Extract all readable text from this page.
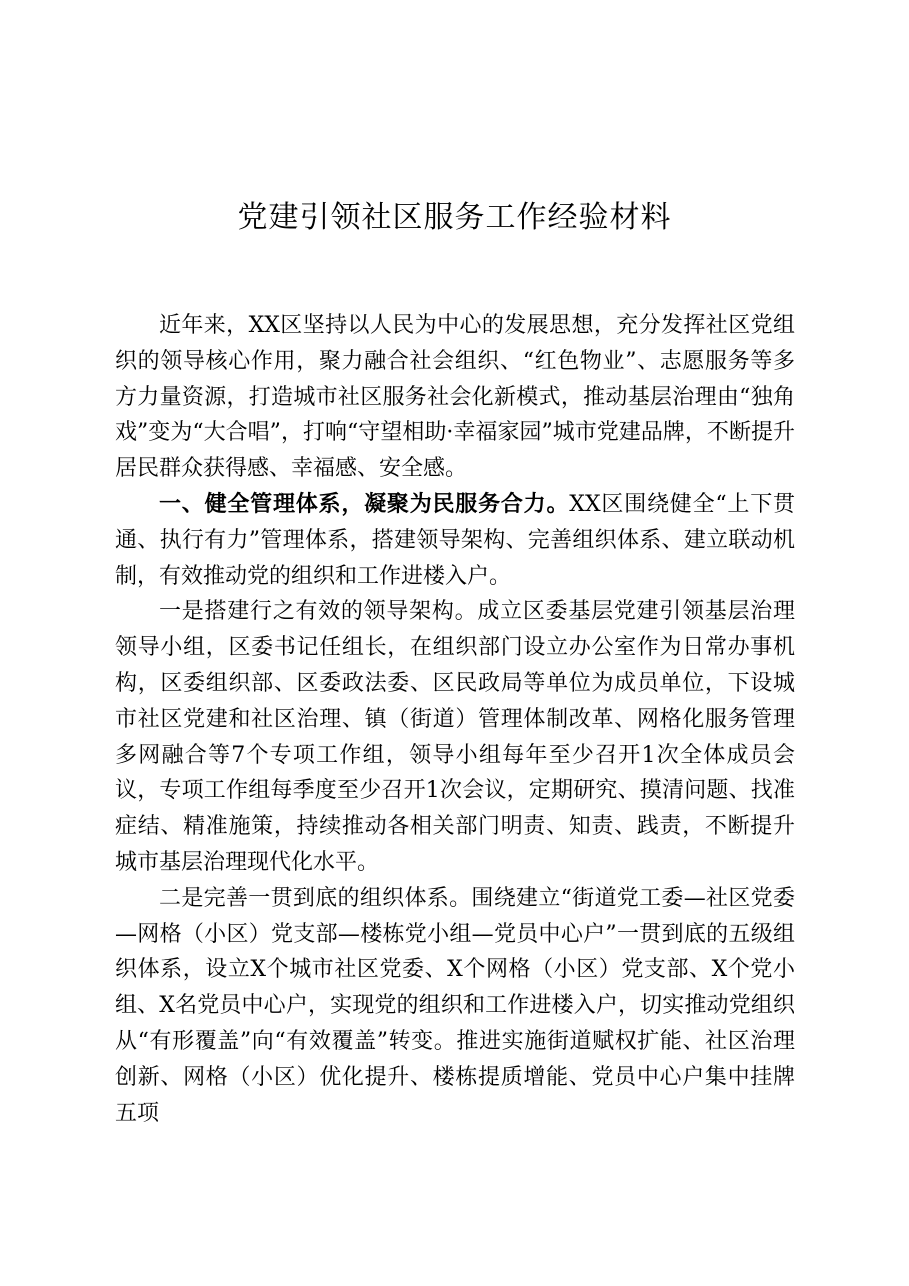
党建引领社区服务工作经验材料

近年来，XX区坚持以人民为中心的发展思想，充分发挥社区党组织的领导核心作用，聚力融合社会组织、“红色物业”、志愿服务等多方力量资源，打造城市社区服务社会化新模式，推动基层治理由“独角戏”变为“大合唱”，打响“守望相助·幸福家园”城市党建品牌，不断提升居民群众获得感、幸福感、安全感。

一、健全管理体系，凝聚为民服务合力。XX区围绕健全“上下贯通、执行有力”管理体系，搭建领导架构、完善组织体系、建立联动机制，有效推动党的组织和工作进楼入户。

一是搭建行之有效的领导架构。成立区委基层党建引领基层治理领导小组，区委书记任组长，在组织部门设立办公室作为日常办事机构，区委组织部、区委政法委、区民政局等单位为成员单位，下设城市社区党建和社区治理、镇（街道）管理体制改革、网格化服务管理多网融合等7个专项工作组，领导小组每年至少召开1次全体成员会议，专项工作组每季度至少召开1次会议，定期研究、摸清问题、找准症结、精准施策，持续推动各相关部门明责、知责、践责，不断提升城市基层治理现代化水平。

二是完善一贯到底的组织体系。围绕建立“街道党工委—社区党委—网格（小区）党支部—楼栋党小组—党员中心户”一贯到底的五级组织体系，设立X个城市社区党委、X个网格（小区）党支部、X个党小组、X名党员中心户，实现党的组织和工作进楼入户，切实推动党组织从“有形覆盖”向“有效覆盖”转变。推进实施街道赋权扩能、社区治理创新、网格（小区）优化提升、楼栋提质增能、党员中心户集中挂牌五项
